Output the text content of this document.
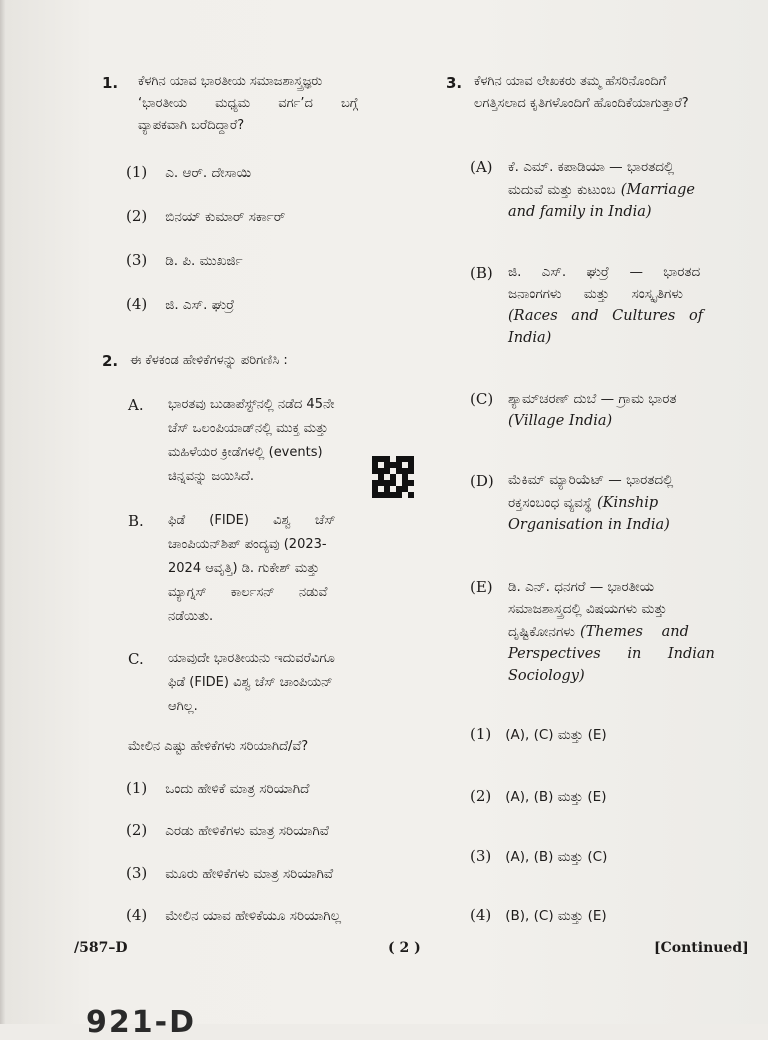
1. ಕೆಳಗಿನ ಯಾವ ಭಾರತೀಯ ಸಮಾಜಶಾಸ್ತ್ರಜ್ಞರು
‘ಭಾರತೀಯ ಮಧ್ಯಮ ವರ್ಗ’ದ ಬಗ್ಗೆ
ವ್ಯಾಪಕವಾಗಿ ಬರೆದಿದ್ದಾರೆ?
(1) ಎ. ಆರ್. ದೇಸಾಯಿ
(2) ಬಿನಯ್ ಕುಮಾರ್ ಸರ್ಕಾರ್
(3) ಡಿ. ಪಿ. ಮುಖರ್ಜಿ
(4) ಜಿ. ಎಸ್. ಘುರ್ರೆ
2. ಈ ಕೆಳಕಂಡ ಹೇಳಿಕೆಗಳನ್ನು ಪರಿಗಣಿಸಿ :
A. ಭಾರತವು ಬುಡಾಪೆಸ್ಟ್‌ನಲ್ಲಿ ನಡೆದ 45ನೇ
ಚೆಸ್ ಒಲಂಪಿಯಾಡ್‌ನಲ್ಲಿ ಮುಕ್ತ ಮತ್ತು
ಮಹಿಳೆಯರ ಕ್ರೀಡೆಗಳಲ್ಲಿ (events)
ಚಿನ್ನವನ್ನು ಜಯಿಸಿದೆ.
B. ಫಿಡೆ (FIDE) ವಿಶ್ವ ಚೆಸ್
ಚಾಂಪಿಯನ್‌ಶಿಪ್ ಪಂದ್ಯವು (2023-
2024 ಆವೃತ್ತಿ) ಡಿ. ಗುಕೇಶ್ ಮತ್ತು
ಮ್ಯಾಗ್ನಸ್ ಕಾರ್ಲಸನ್ ನಡುವೆ
ನಡೆಯಿತು.
C. ಯಾವುದೇ ಭಾರತೀಯನು ಇದುವರೆವಿಗೂ
ಫಿಡೆ (FIDE) ವಿಶ್ವ ಚೆಸ್ ಚಾಂಪಿಯನ್
ಆಗಿಲ್ಲ.
ಮೇಲಿನ ಎಷ್ಟು ಹೇಳಿಕೆಗಳು ಸರಿಯಾಗಿದೆ/ವೆ?
(1) ಒಂದು ಹೇಳಿಕೆ ಮಾತ್ರ ಸರಿಯಾಗಿದೆ
(2) ಎರಡು ಹೇಳಿಕೆಗಳು ಮಾತ್ರ ಸರಿಯಾಗಿವೆ
(3) ಮೂರು ಹೇಳಿಕೆಗಳು ಮಾತ್ರ ಸರಿಯಾಗಿವೆ
(4) ಮೇಲಿನ ಯಾವ ಹೇಳಿಕೆಯೂ ಸರಿಯಾಗಿಲ್ಲ
3. ಕೆಳಗಿನ ಯಾವ ಲೇಖಕರು ತಮ್ಮ ಹೆಸರಿನೊಂದಿಗೆ
ಲಗತ್ತಿಸಲಾದ ಕೃತಿಗಳೊಂದಿಗೆ ಹೊಂದಿಕೆಯಾಗುತ್ತಾರೆ?
(A) ಕೆ. ಎಮ್. ಕಪಾಡಿಯಾ — ಭಾರತದಲ್ಲಿ
ಮದುವೆ ಮತ್ತು ಕುಟುಂಬ (Marriage
and family in India)
(B) ಜಿ. ಎಸ್. ಘುರ್ರೆ — ಭಾರತದ
ಜನಾಂಗಗಳು ಮತ್ತು ಸಂಸ್ಕೃತಿಗಳು
(Races and Cultures of
India)
(C) ಶ್ಯಾಮ್‌ಚರಣ್ ದುಬೆ — ಗ್ರಾಮ ಭಾರತ
(Village India)
(D) ಮೆಕಿಮ್ ಮ್ಯಾರಿಯೆಟ್ — ಭಾರತದಲ್ಲಿ
ರಕ್ತಸಂಬಂಧ ವ್ಯವಸ್ಥೆ (Kinship
Organisation in India)
(E) ಡಿ. ಎನ್. ಧನಗರೆ — ಭಾರತೀಯ
ಸಮಾಜಶಾಸ್ತ್ರದಲ್ಲಿ ವಿಷಯಗಳು ಮತ್ತು
ದೃಷ್ಟಿಕೋನಗಳು (Themes and
Perspectives in Indian
Sociology)
(1) (A), (C) ಮತ್ತು (E)
(2) (A), (B) ಮತ್ತು (E)
(3) (A), (B) ಮತ್ತು (C)
(4) (B), (C) ಮತ್ತು (E)
/587–D	( 2 )	[Continued]
921-D
